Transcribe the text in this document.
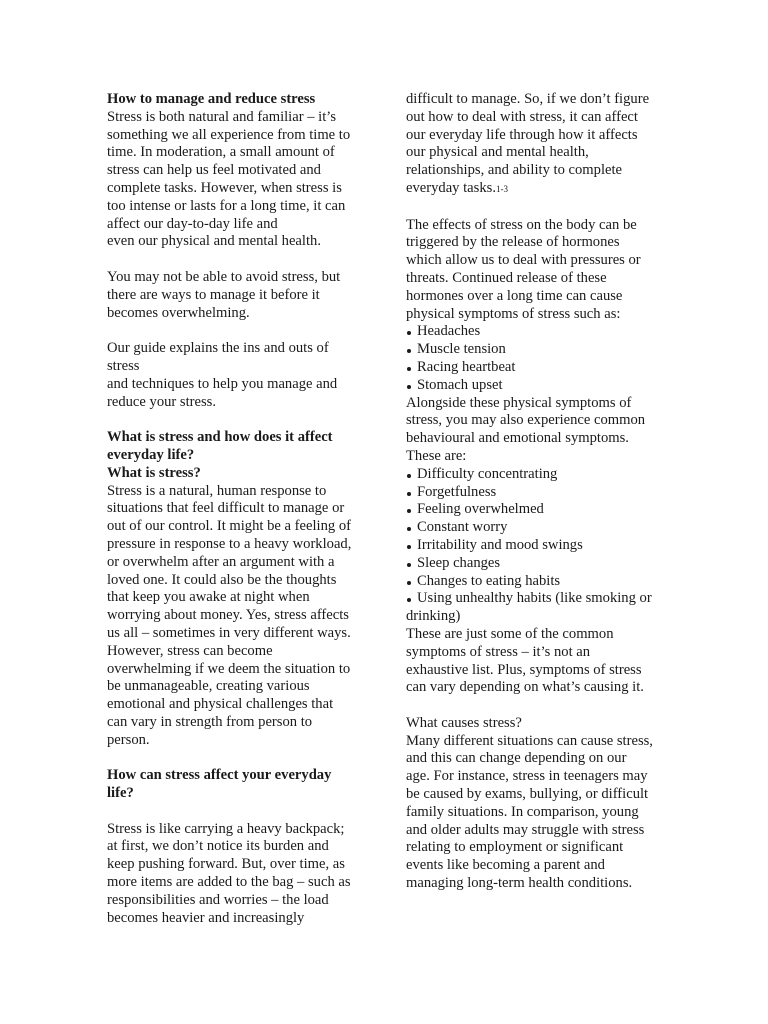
How to manage and reduce stress
Stress is both natural and familiar – it’s
something we all experience from time to
time. In moderation, a small amount of
stress can help us feel motivated and
complete tasks. However, when stress is
too intense or lasts for a long time, it can
affect our day-to-day life and
even our physical and mental health.
You may not be able to avoid stress, but
there are ways to manage it before it
becomes overwhelming.
Our guide explains the ins and outs of
stress
and techniques to help you manage and
reduce your stress.
What is stress and how does it affect
everyday life?
What is stress?
Stress is a natural, human response to
situations that feel difficult to manage or
out of our control. It might be a feeling of
pressure in response to a heavy workload,
or overwhelm after an argument with a
loved one. It could also be the thoughts
that keep you awake at night when
worrying about money. Yes, stress affects
us all – sometimes in very different ways.
However, stress can become
overwhelming if we deem the situation to
be unmanageable, creating various
emotional and physical challenges that
can vary in strength from person to
person.
How can stress affect your everyday
life?
Stress is like carrying a heavy backpack;
at first, we don’t notice its burden and
keep pushing forward. But, over time, as
more items are added to the bag – such as
responsibilities and worries – the load
becomes heavier and increasingly
difficult to manage. So, if we don’t figure
out how to deal with stress, it can affect
our everyday life through how it affects
our physical and mental health,
relationships, and ability to complete
everyday tasks.1-3
The effects of stress on the body can be
triggered by the release of hormones
which allow us to deal with pressures or
threats. Continued release of these
hormones over a long time can cause
physical symptoms of stress such as:
Headaches
Muscle tension
Racing heartbeat
Stomach upset
Alongside these physical symptoms of
stress, you may also experience common
behavioural and emotional symptoms.
These are:
Difficulty concentrating
Forgetfulness
Feeling overwhelmed
Constant worry
Irritability and mood swings
Sleep changes
Changes to eating habits
Using unhealthy habits (like smoking or
drinking)
These are just some of the common
symptoms of stress – it’s not an
exhaustive list. Plus, symptoms of stress
can vary depending on what’s causing it.
What causes stress?
Many different situations can cause stress,
and this can change depending on our
age. For instance, stress in teenagers may
be caused by exams, bullying, or difficult
family situations. In comparison, young
and older adults may struggle with stress
relating to employment or significant
events like becoming a parent and
managing long-term health conditions.
